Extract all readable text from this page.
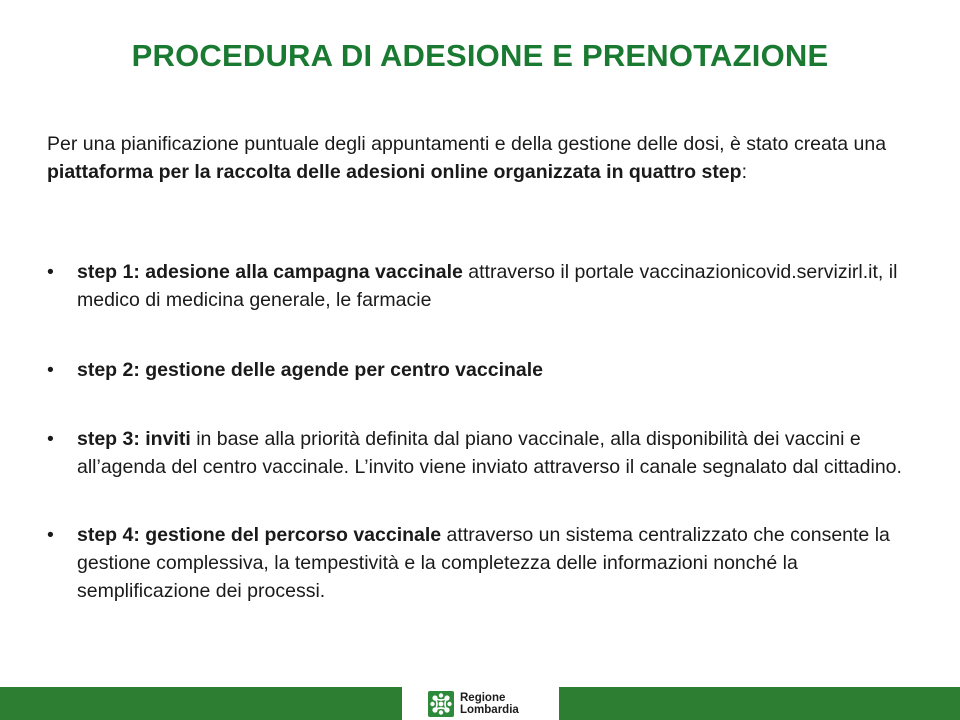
PROCEDURA DI ADESIONE E PRENOTAZIONE
Per una pianificazione puntuale degli appuntamenti e della gestione delle dosi, è stato creata una piattaforma per la raccolta delle adesioni online organizzata in quattro step:
• step 1: adesione alla campagna vaccinale attraverso il portale vaccinazionicovid.servizirl.it, il medico di medicina generale, le farmacie
• step 2: gestione delle agende per centro vaccinale
• step 3: inviti in base alla priorità definita dal piano vaccinale, alla disponibilità dei vaccini e all’agenda del centro vaccinale. L’invito viene inviato attraverso il canale segnalato dal cittadino.
• step 4: gestione del percorso vaccinale attraverso un sistema centralizzato che consente la gestione complessiva, la tempestività e la completezza delle informazioni nonché la semplificazione dei processi.
Regione
Lombardia
